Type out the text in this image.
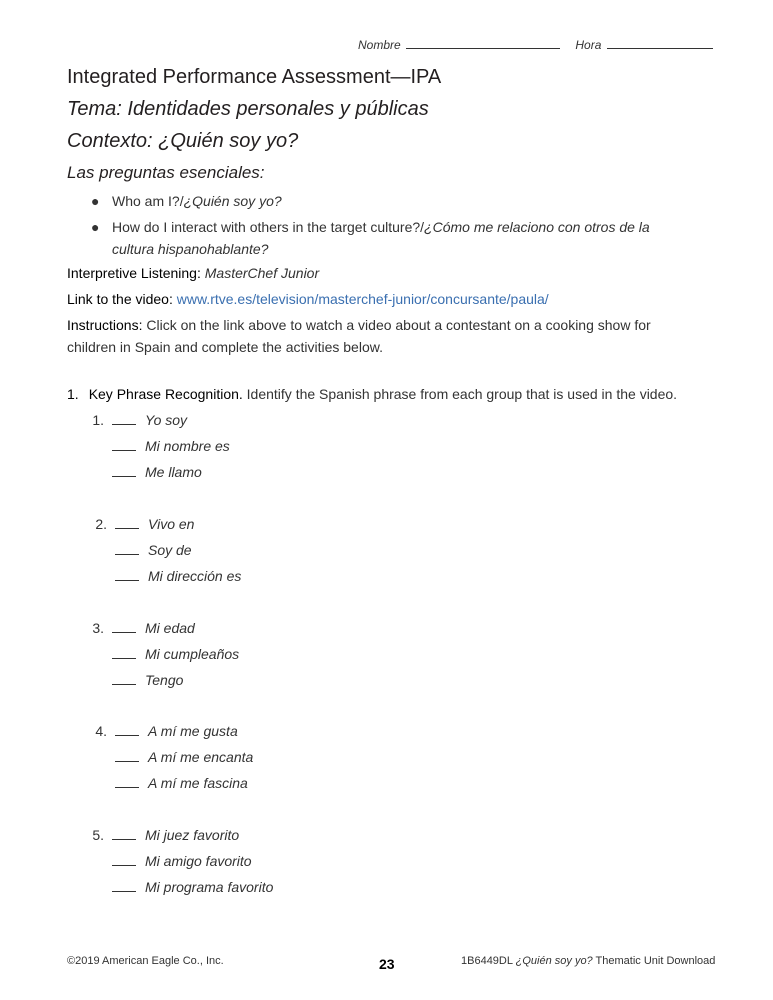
Nombre	Hora
Integrated Performance Assessment—IPA
Tema: Identidades personales y públicas
Contexto: ¿Quién soy yo?
Las preguntas esenciales:
● Who am I?/¿Quién soy yo?
● How do I interact with others in the target culture?/¿Cómo me relaciono con otros de la
cultura hispanohablante?
Interpretive Listening: MasterChef Junior
Link to the video: www.rtve.es/television/masterchef-junior/concursante/paula/
Instructions: Click on the link above to watch a video about a contestant on a cooking show for
children in Spain and complete the activities below.
1. Key Phrase Recognition. Identify the Spanish phrase from each group that is used in the video.
1.	Yo soy
Mi nombre es
Me llamo
2.	Vivo en
Soy de
Mi dirección es
3.	Mi edad
Mi cumpleaños
Tengo
4.	A mí me gusta
A mí me encanta
A mí me fascina
5.	Mi juez favorito
Mi amigo favorito
Mi programa favorito
©2019 American Eagle Co., Inc.	23	1B6449DL ¿Quién soy yo? Thematic Unit Download
